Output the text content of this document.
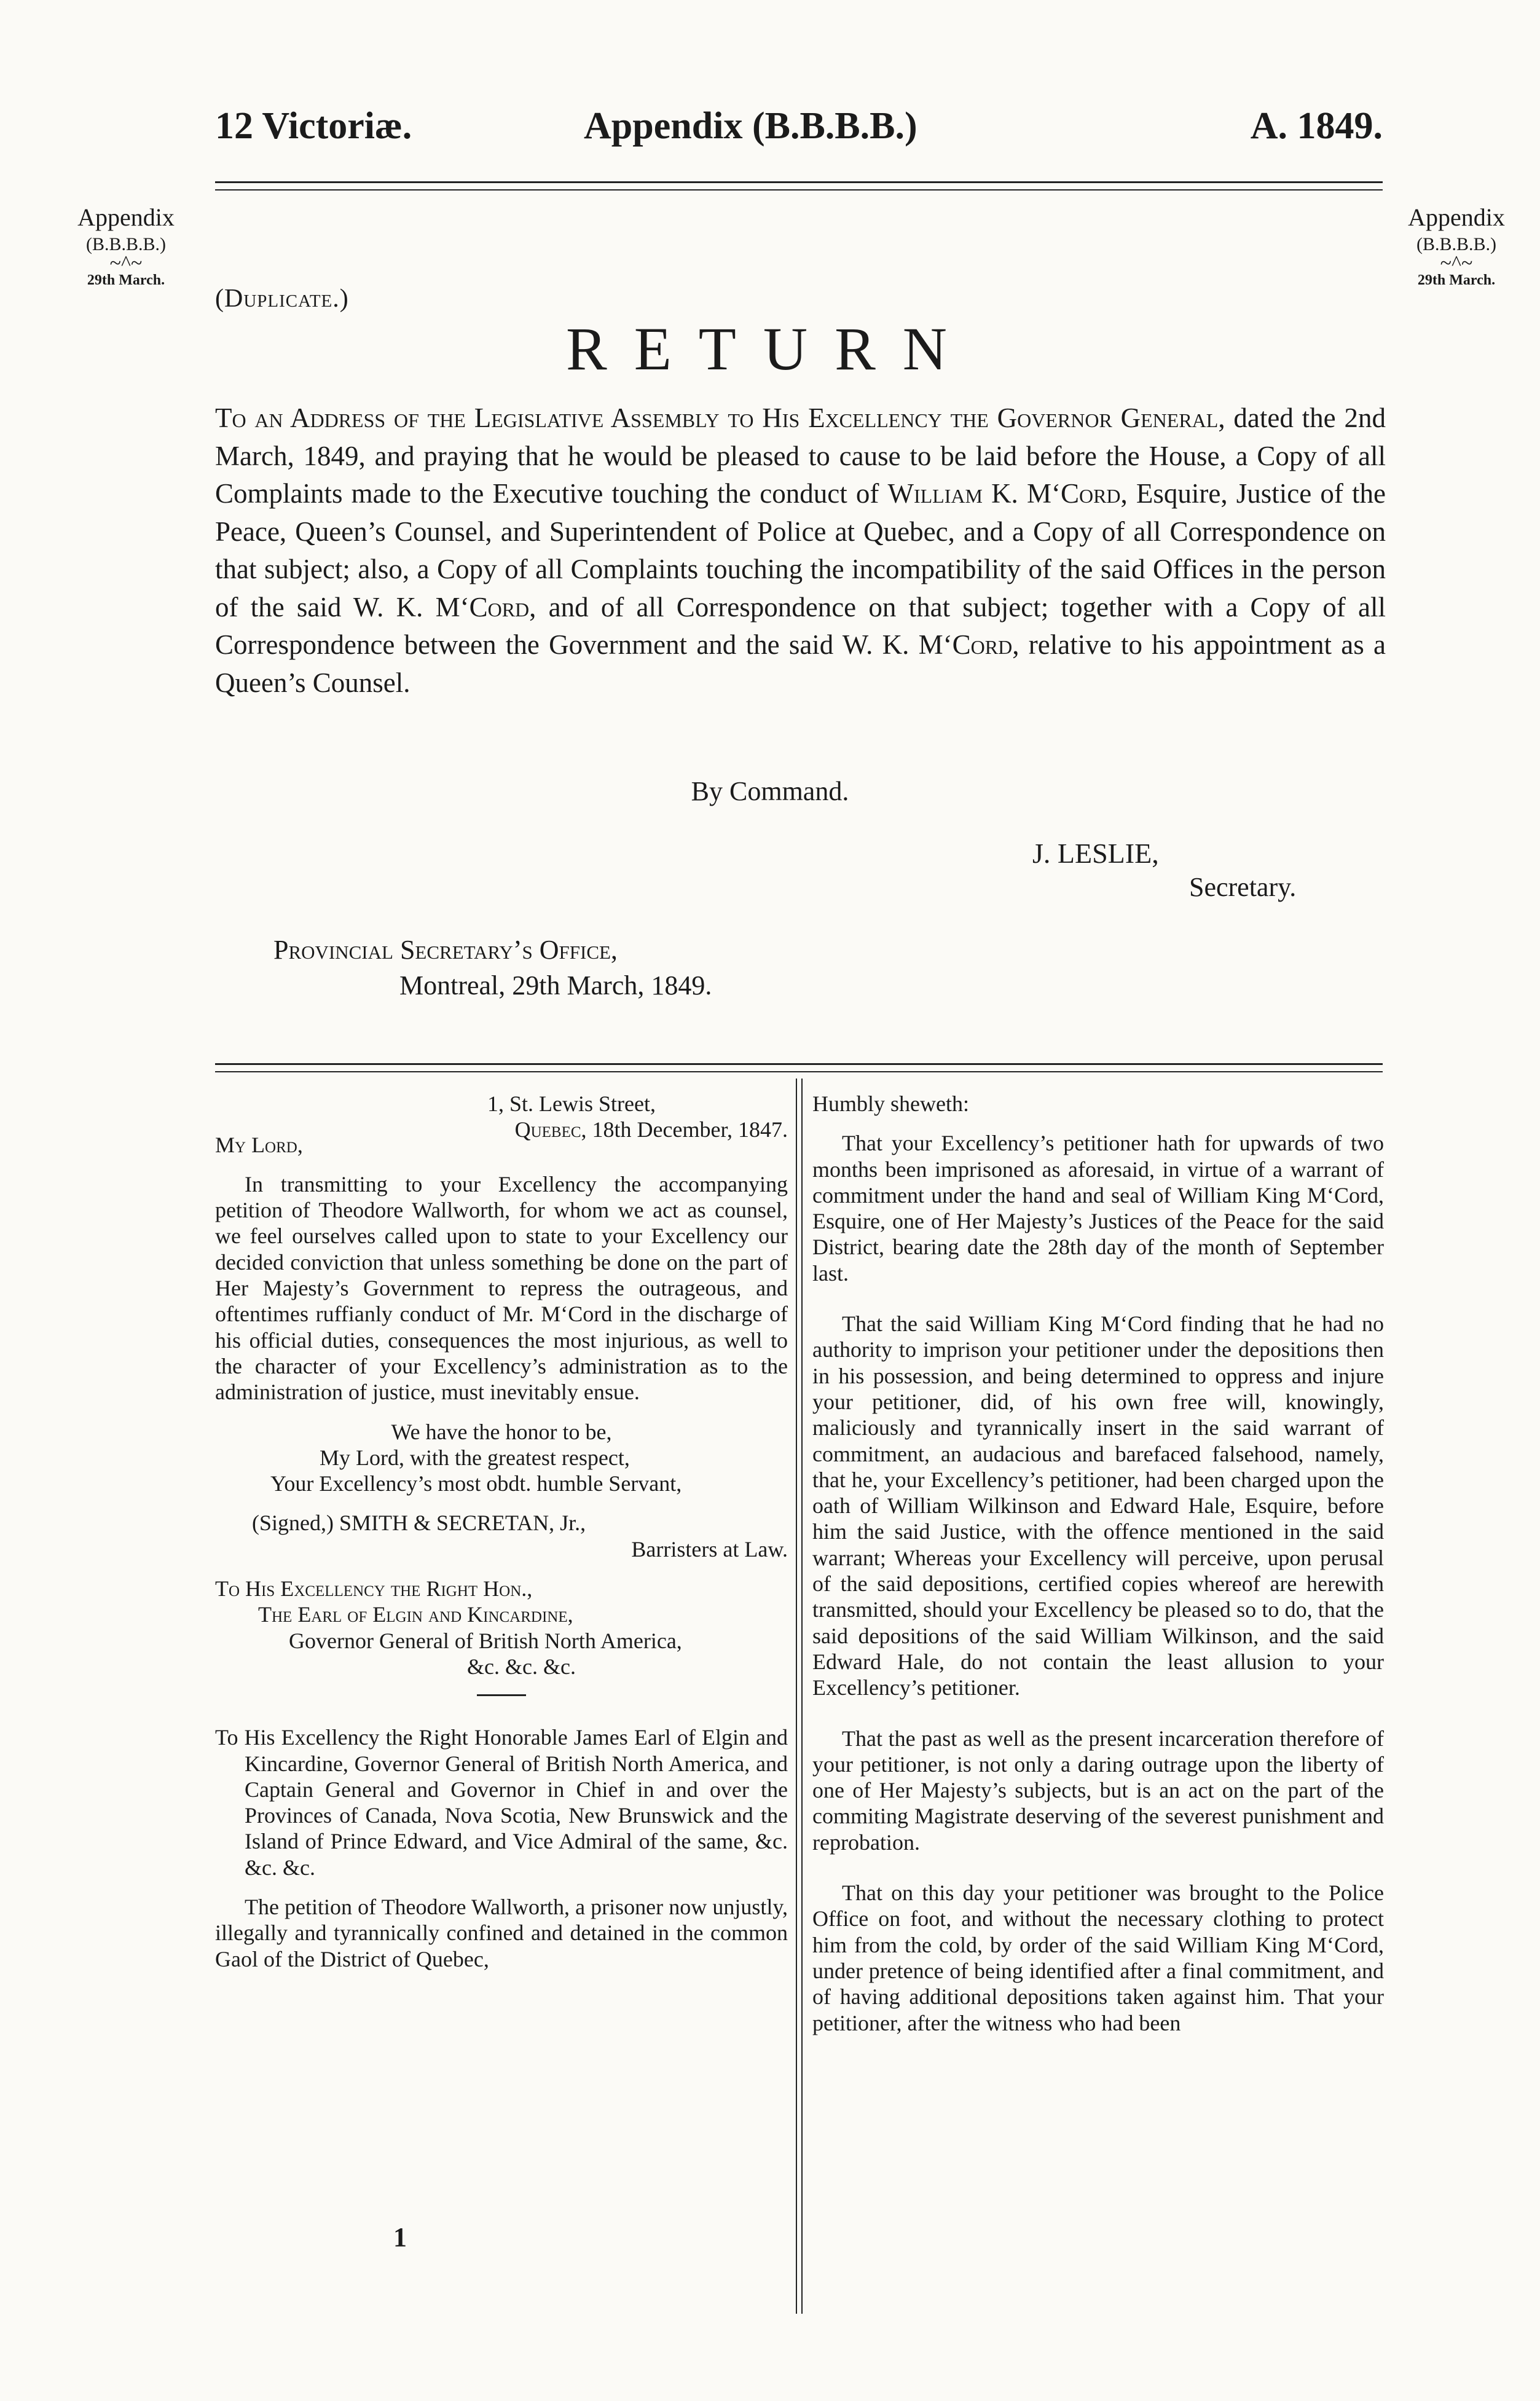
12 Victoriæ.	Appendix (B.B.B.B.)	A. 1849.
Appendix
(B.B.B.B.)
~^~
29th March.
Appendix
(B.B.B.B.)
~^~
29th March.
(Duplicate.)
RETURN
To an Address of the Legislative Assembly to His Excellency the Governor General, dated the 2nd March, 1849, and praying that he would be pleased to cause to be laid before the House, a Copy of all Complaints made to the Executive touching the conduct of William K. M‘Cord, Esquire, Justice of the Peace, Queen’s Counsel, and Superintendent of Police at Quebec, and a Copy of all Correspondence on that subject; also, a Copy of all Complaints touching the incompatibility of the said Offices in the person of the said W. K. M‘Cord, and of all Correspondence on that subject; together with a Copy of all Correspondence between the Government and the said W. K. M‘Cord, relative to his appointment as a Queen’s Counsel.
By Command.
J. LESLIE,
Secretary.
Provincial Secretary’s Office,
Montreal, 29th March, 1849.

1, St. Lewis Street,

Quebec, 18th December, 1847.

My Lord,

In transmitting to your Excellency the accompanying petition of Theodore Wallworth, for whom we act as counsel, we feel ourselves called upon to state to your Excellency our decided conviction that unless something be done on the part of Her Majesty’s Government to repress the outrageous, and oftentimes ruffianly conduct of Mr. M‘Cord in the discharge of his official duties, consequences the most injurious, as well to the character of your Excellency’s administration as to the administration of justice, must inevitably ensue.

We have the honor to be,

My Lord, with the greatest respect,

Your Excellency’s most obdt. humble Servant,

(Signed,) SMITH & SECRETAN, Jr.,

Barristers at Law.

To His Excellency the Right Hon.,

The Earl of Elgin and Kincardine,

Governor General of British North America,

&c. &c. &c.

To His Excellency the Right Honorable James Earl of Elgin and Kincardine, Governor General of British North America, and Captain General and Governor in Chief in and over the Provinces of Canada, Nova Scotia, New Brunswick and the Island of Prince Edward, and Vice Admiral of the same, &c. &c. &c.

The petition of Theodore Wallworth, a prisoner now unjustly, illegally and tyrannically confined and detained in the common Gaol of the District of Quebec,

Humbly sheweth:

That your Excellency’s petitioner hath for upwards of two months been imprisoned as aforesaid, in virtue of a warrant of commitment under the hand and seal of William King M‘Cord, Esquire, one of Her Majesty’s Justices of the Peace for the said District, bearing date the 28th day of the month of September last.

That the said William King M‘Cord finding that he had no authority to imprison your petitioner under the depositions then in his possession, and being determined to oppress and injure your petitioner, did, of his own free will, knowingly, maliciously and tyrannically insert in the said warrant of commitment, an audacious and barefaced falsehood, namely, that he, your Excellency’s petitioner, had been charged upon the oath of William Wilkinson and Edward Hale, Esquire, before him the said Justice, with the offence mentioned in the said warrant; Whereas your Excellency will perceive, upon perusal of the said depositions, certified copies whereof are herewith transmitted, should your Excellency be pleased so to do, that the said depositions of the said William Wilkinson, and the said Edward Hale, do not contain the least allusion to your Excellency’s petitioner.

That the past as well as the present incarceration therefore of your petitioner, is not only a daring outrage upon the liberty of one of Her Majesty’s subjects, but is an act on the part of the commiting Magistrate deserving of the severest punishment and reprobation.

That on this day your petitioner was brought to the Police Office on foot, and without the necessary clothing to protect him from the cold, by order of the said William King M‘Cord, under pretence of being identified after a final commitment, and of having additional depositions taken against him. That your petitioner, after the witness who had been

1
